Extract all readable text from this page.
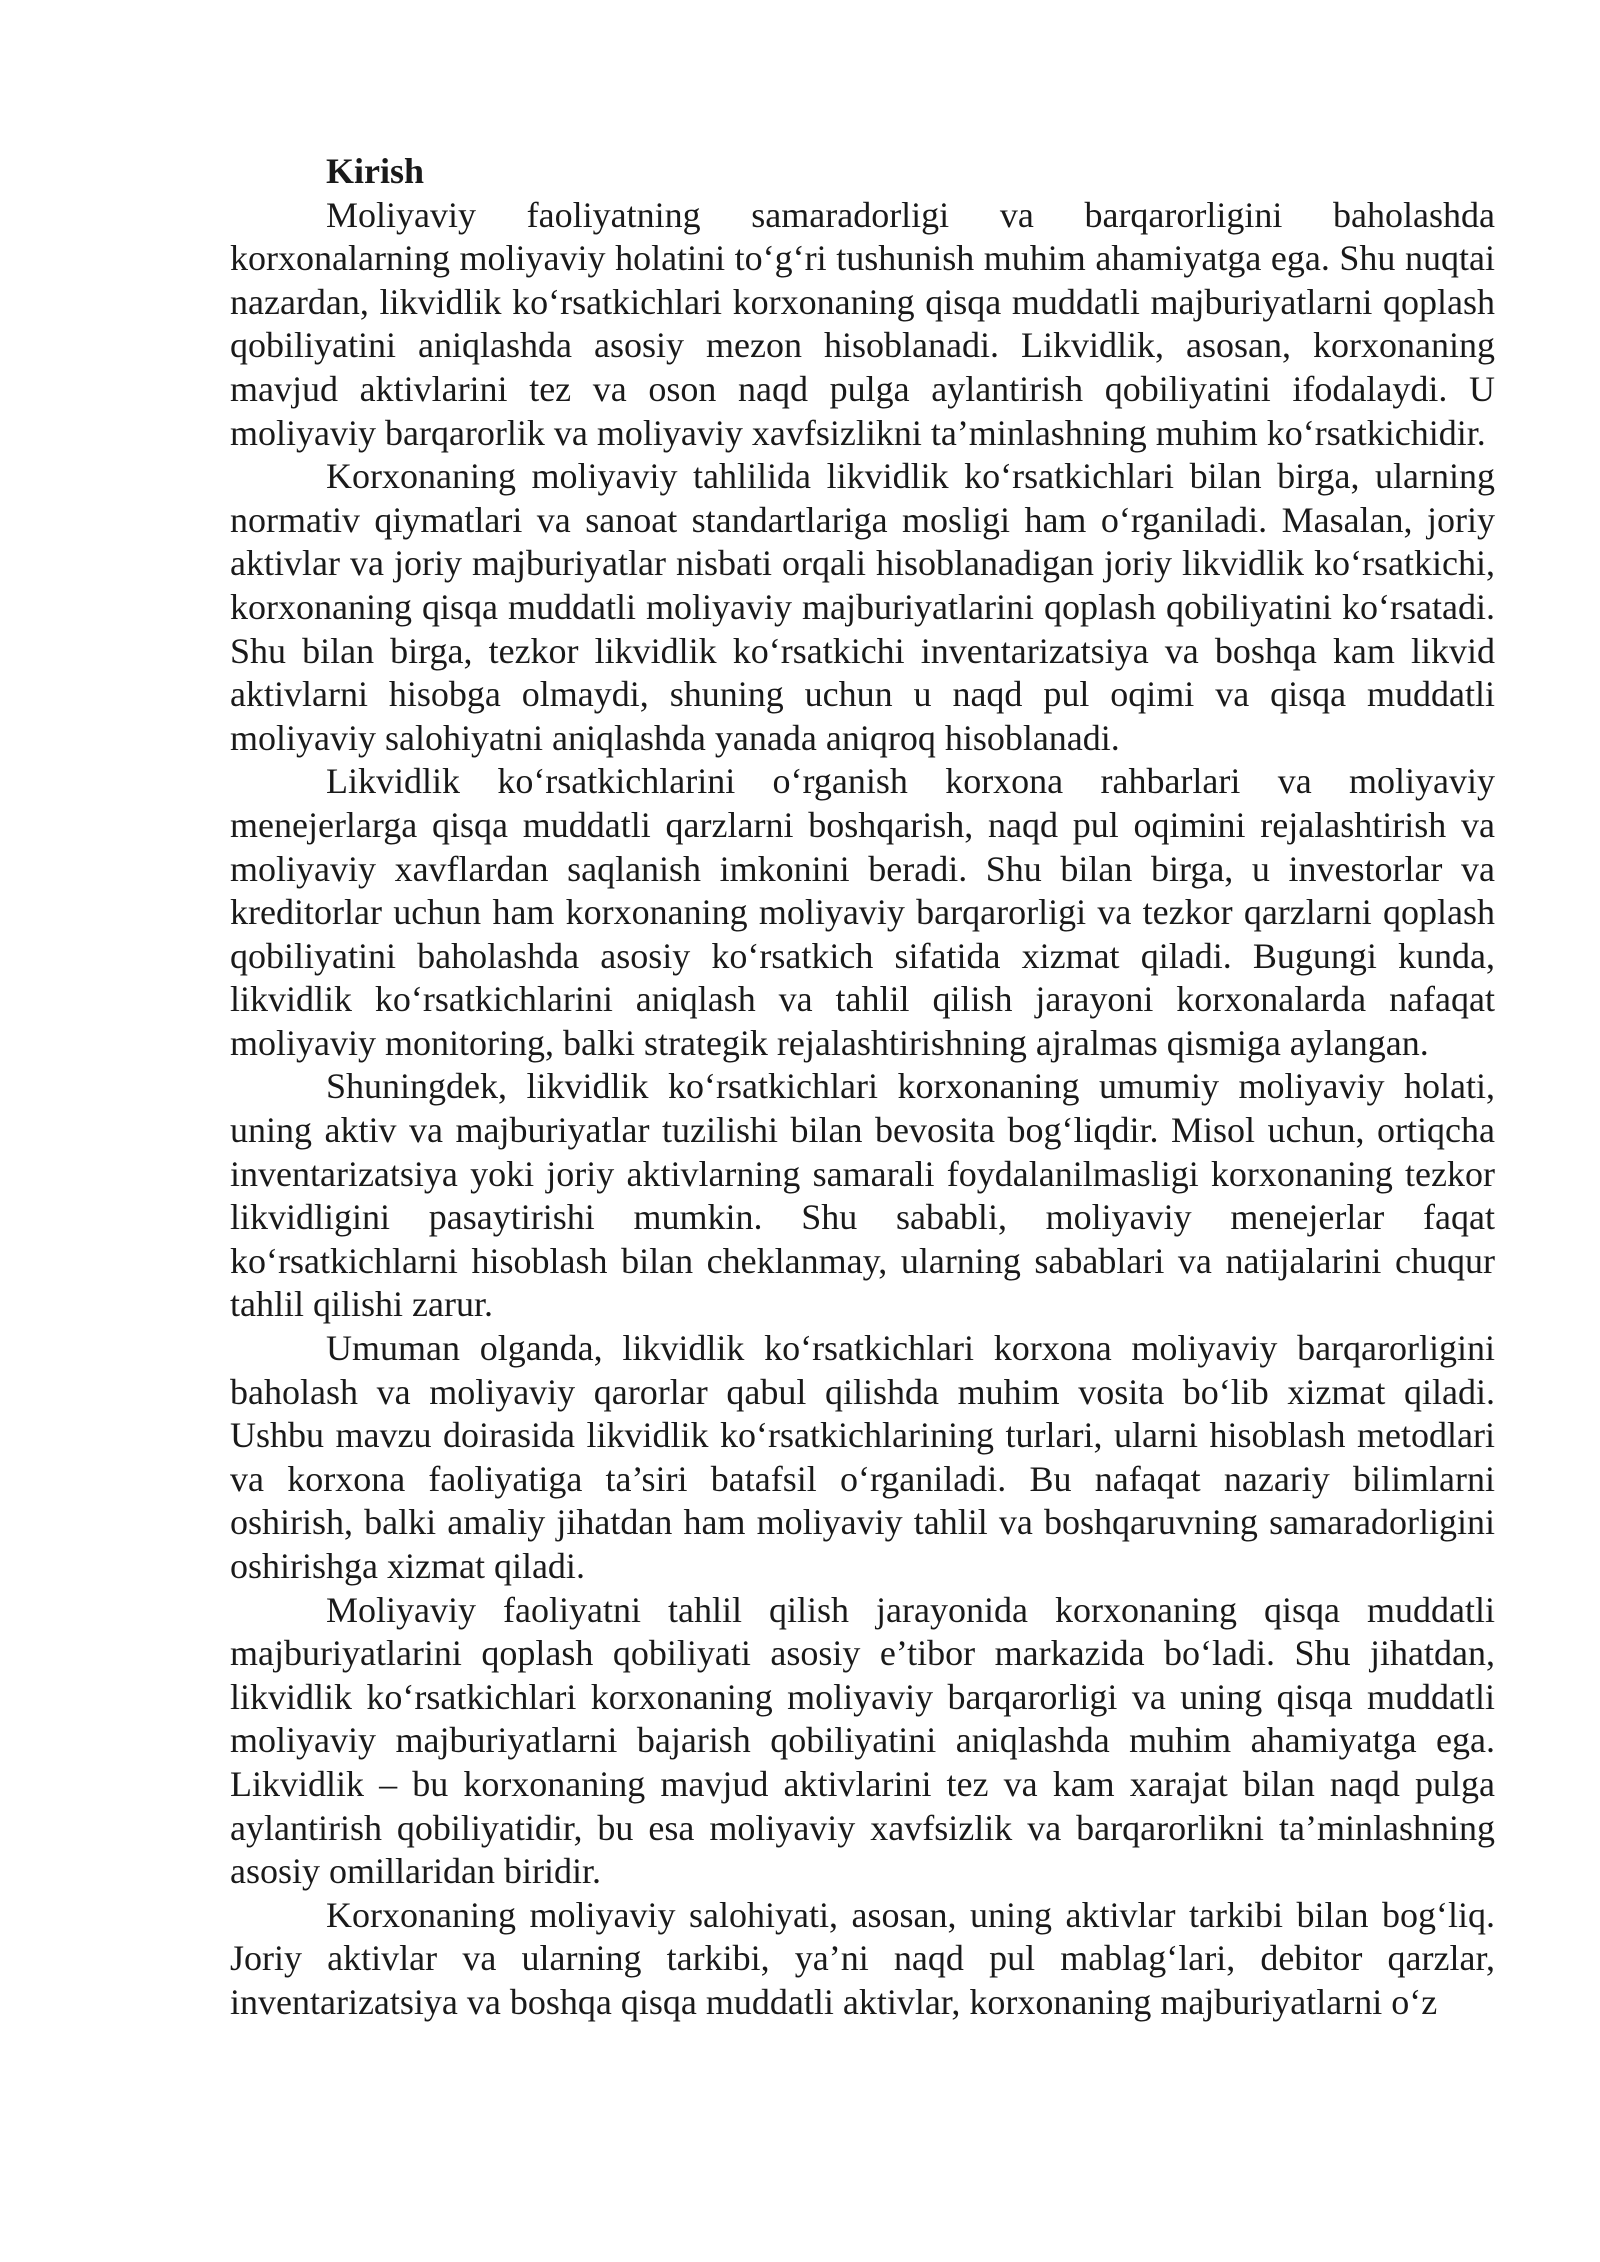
Kirish

Moliyaviy faoliyatning samaradorligi va barqarorligini baholashda korxonalarning moliyaviy holatini to‘g‘ri tushunish muhim ahamiyatga ega. Shu nuqtai nazardan, likvidlik ko‘rsatkichlari korxonaning qisqa muddatli majburiyatlarni qoplash qobiliyatini aniqlashda asosiy mezon hisoblanadi. Likvidlik, asosan, korxonaning mavjud aktivlarini tez va oson naqd pulga aylantirish qobiliyatini ifodalaydi. U moliyaviy barqarorlik va moliyaviy xavfsizlikni ta’minlashning muhim ko‘rsatkichidir.

Korxonaning moliyaviy tahlilida likvidlik ko‘rsatkichlari bilan birga, ularning normativ qiymatlari va sanoat standartlariga mosligi ham o‘rganiladi. Masalan, joriy aktivlar va joriy majburiyatlar nisbati orqali hisoblanadigan joriy likvidlik ko‘rsatkichi, korxonaning qisqa muddatli moliyaviy majburiyatlarini qoplash qobiliyatini ko‘rsatadi. Shu bilan birga, tezkor likvidlik ko‘rsatkichi inventarizatsiya va boshqa kam likvid aktivlarni hisobga olmaydi, shuning uchun u naqd pul oqimi va qisqa muddatli moliyaviy salohiyatni aniqlashda yanada aniqroq hisoblanadi.

Likvidlik ko‘rsatkichlarini o‘rganish korxona rahbarlari va moliyaviy menejerlarga qisqa muddatli qarzlarni boshqarish, naqd pul oqimini rejalashtirish va moliyaviy xavflardan saqlanish imkonini beradi. Shu bilan birga, u investorlar va kreditorlar uchun ham korxonaning moliyaviy barqarorligi va tezkor qarzlarni qoplash qobiliyatini baholashda asosiy ko‘rsatkich sifatida xizmat qiladi. Bugungi kunda, likvidlik ko‘rsatkichlarini aniqlash va tahlil qilish jarayoni korxonalarda nafaqat moliyaviy monitoring, balki strategik rejalashtirishning ajralmas qismiga aylangan.

Shuningdek, likvidlik ko‘rsatkichlari korxonaning umumiy moliyaviy holati, uning aktiv va majburiyatlar tuzilishi bilan bevosita bog‘liqdir. Misol uchun, ortiqcha inventarizatsiya yoki joriy aktivlarning samarali foydalanilmasligi korxonaning tezkor likvidligini pasaytirishi mumkin. Shu sababli, moliyaviy menejerlar faqat ko‘rsatkichlarni hisoblash bilan cheklanmay, ularning sabablari va natijalarini chuqur tahlil qilishi zarur.

Umuman olganda, likvidlik ko‘rsatkichlari korxona moliyaviy barqarorligini baholash va moliyaviy qarorlar qabul qilishda muhim vosita bo‘lib xizmat qiladi. Ushbu mavzu doirasida likvidlik ko‘rsatkichlarining turlari, ularni hisoblash metodlari va korxona faoliyatiga ta’siri batafsil o‘rganiladi. Bu nafaqat nazariy bilimlarni oshirish, balki amaliy jihatdan ham moliyaviy tahlil va boshqaruvning samaradorligini oshirishga xizmat qiladi.

Moliyaviy faoliyatni tahlil qilish jarayonida korxonaning qisqa muddatli majburiyatlarini qoplash qobiliyati asosiy e’tibor markazida bo‘ladi. Shu jihatdan, likvidlik ko‘rsatkichlari korxonaning moliyaviy barqarorligi va uning qisqa muddatli moliyaviy majburiyatlarni bajarish qobiliyatini aniqlashda muhim ahamiyatga ega. Likvidlik – bu korxonaning mavjud aktivlarini tez va kam xarajat bilan naqd pulga aylantirish qobiliyatidir, bu esa moliyaviy xavfsizlik va barqarorlikni ta’minlashning asosiy omillaridan biridir.

Korxonaning moliyaviy salohiyati, asosan, uning aktivlar tarkibi bilan bog‘liq. Joriy aktivlar va ularning tarkibi, ya’ni naqd pul mablag‘lari, debitor qarzlar, inventarizatsiya va boshqa qisqa muddatli aktivlar, korxonaning majburiyatlarni o‘z
